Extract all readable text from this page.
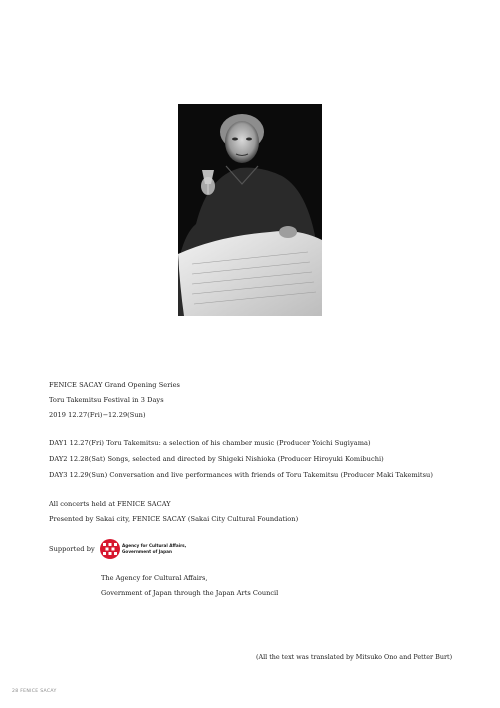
FENICE SACAY Grand Opening Series
Toru Takemitsu Festival in 3 Days
2019 12.27(Fri)−12.29(Sun)
DAY1 12.27(Fri) Toru Takemitsu: a selection of his chamber music (Producer Yoichi Sugiyama)
DAY2 12.28(Sat) Songs, selected and directed by Shigeki Nishioka (Producer Hiroyuki Komibuchi)
DAY3 12.29(Sun) Conversation and live performances with friends of Toru Takemitsu (Producer Maki Takemitsu)
All concerts held at FENICE SACAY
Presented by Sakai city, FENICE SACAY (Sakai City Cultural Foundation)
Supported by	Agency for Cultural Affairs,
Government of Japan
The Agency for Cultural Affairs,
Government of Japan through the Japan Arts Council
(All the text was translated by Mitsuko Ono and Petter Burt)
28 FENICE SACAY
